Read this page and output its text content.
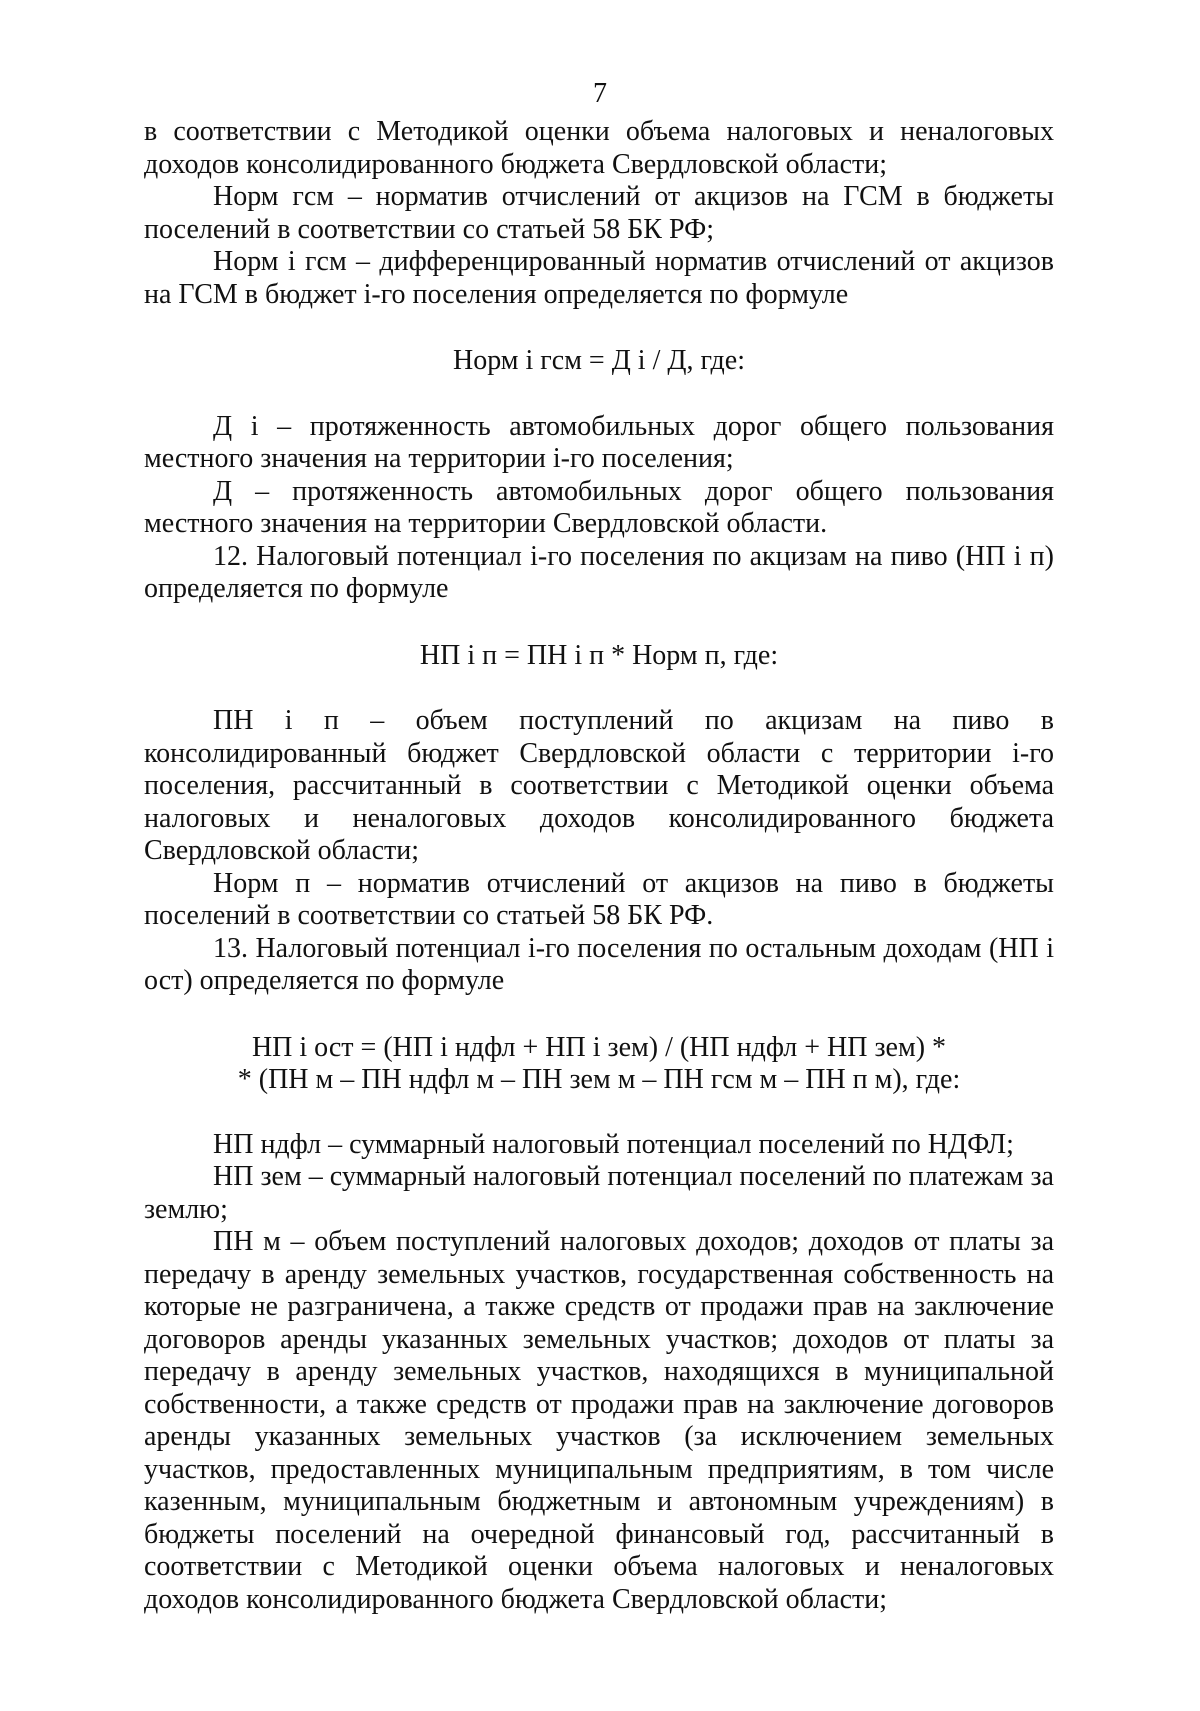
7

в соответствии с Методикой оценки объема налоговых и неналоговых доходов консолидированного бюджета Свердловской области;

Норм гсм – норматив отчислений от акцизов на ГСМ в бюджеты поселений в соответствии со статьей 58 БК РФ;

Норм і гсм – дифференцированный норматив отчислений от акцизов на ГСМ в бюджет і-го поселения определяется по формуле

Норм і гсм = Д і / Д, где:

Д і – протяженность автомобильных дорог общего пользования местного значения на территории і-го поселения;

Д – протяженность автомобильных дорог общего пользования местного значения на территории Свердловской области.

12. Налоговый потенциал і-го поселения по акцизам на пиво (НП і п) определяется по формуле

НП і п = ПН і п * Норм п, где:

ПН і п – объем поступлений по акцизам на пиво в консолидированный бюджет Свердловской области с территории і-го поселения, рассчитанный в соответствии с Методикой оценки объема налоговых и неналоговых доходов консолидированного бюджета Свердловской области;

Норм п – норматив отчислений от акцизов на пиво в бюджеты поселений в соответствии со статьей 58 БК РФ.

13. Налоговый потенциал і-го поселения по остальным доходам (НП і ост) определяется по формуле

НП і ост = (НП і ндфл + НП і зем) / (НП ндфл + НП зем) *

* (ПН м – ПН ндфл м – ПН зем м – ПН гсм м – ПН п м), где:

НП ндфл – суммарный налоговый потенциал поселений по НДФЛ;

НП зем – суммарный налоговый потенциал поселений по платежам за землю;

ПН м – объем поступлений налоговых доходов; доходов от платы за передачу в аренду земельных участков, государственная собственность на которые не разграничена, а также средств от продажи прав на заключение договоров аренды указанных земельных участков; доходов от платы за передачу в аренду земельных участков, находящихся в муниципальной собственности, а также средств от продажи прав на заключение договоров аренды указанных земельных участков (за исключением земельных участков, предоставленных муниципальным предприятиям, в том числе казенным, муниципальным бюджетным и автономным учреждениям) в бюджеты поселений на очередной финансовый год, рассчитанный в соответствии с Методикой оценки объема налоговых и неналоговых доходов консолидированного бюджета Свердловской области;
